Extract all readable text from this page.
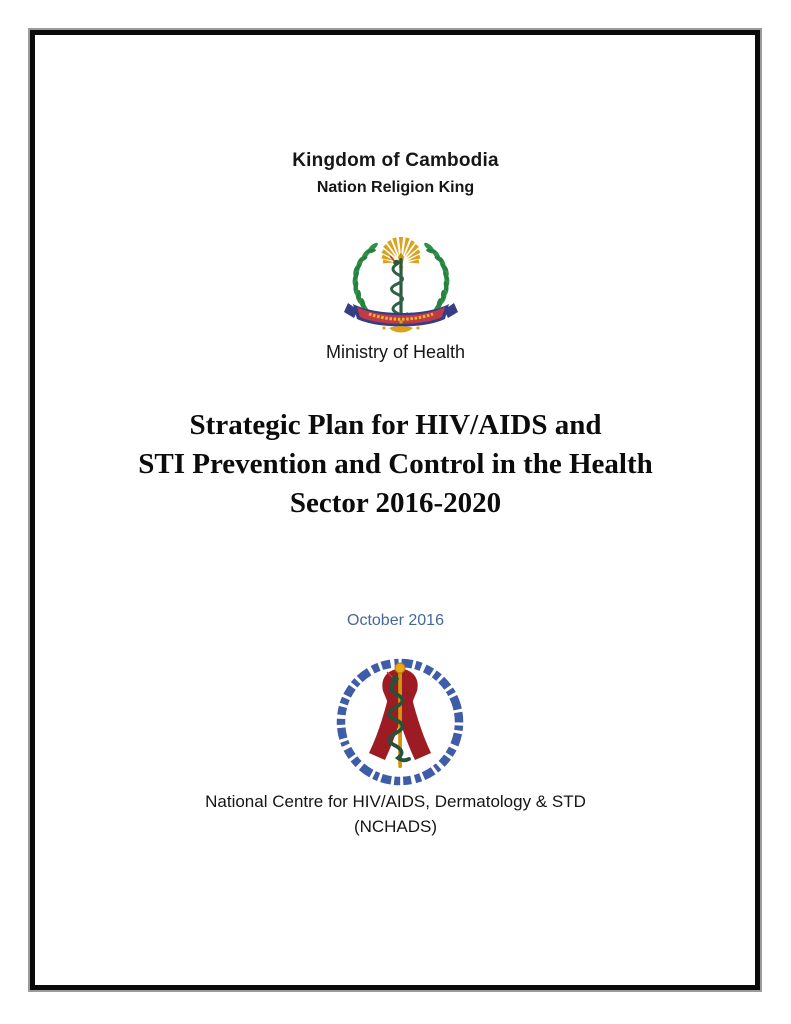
Kingdom of Cambodia
Nation Religion King
Ministry of Health
Strategic Plan for HIV/AIDS and
STI Prevention and Control in the Health
Sector 2016-2020
October 2016
National Centre for HIV/AIDS, Dermatology & STD
(NCHADS)
